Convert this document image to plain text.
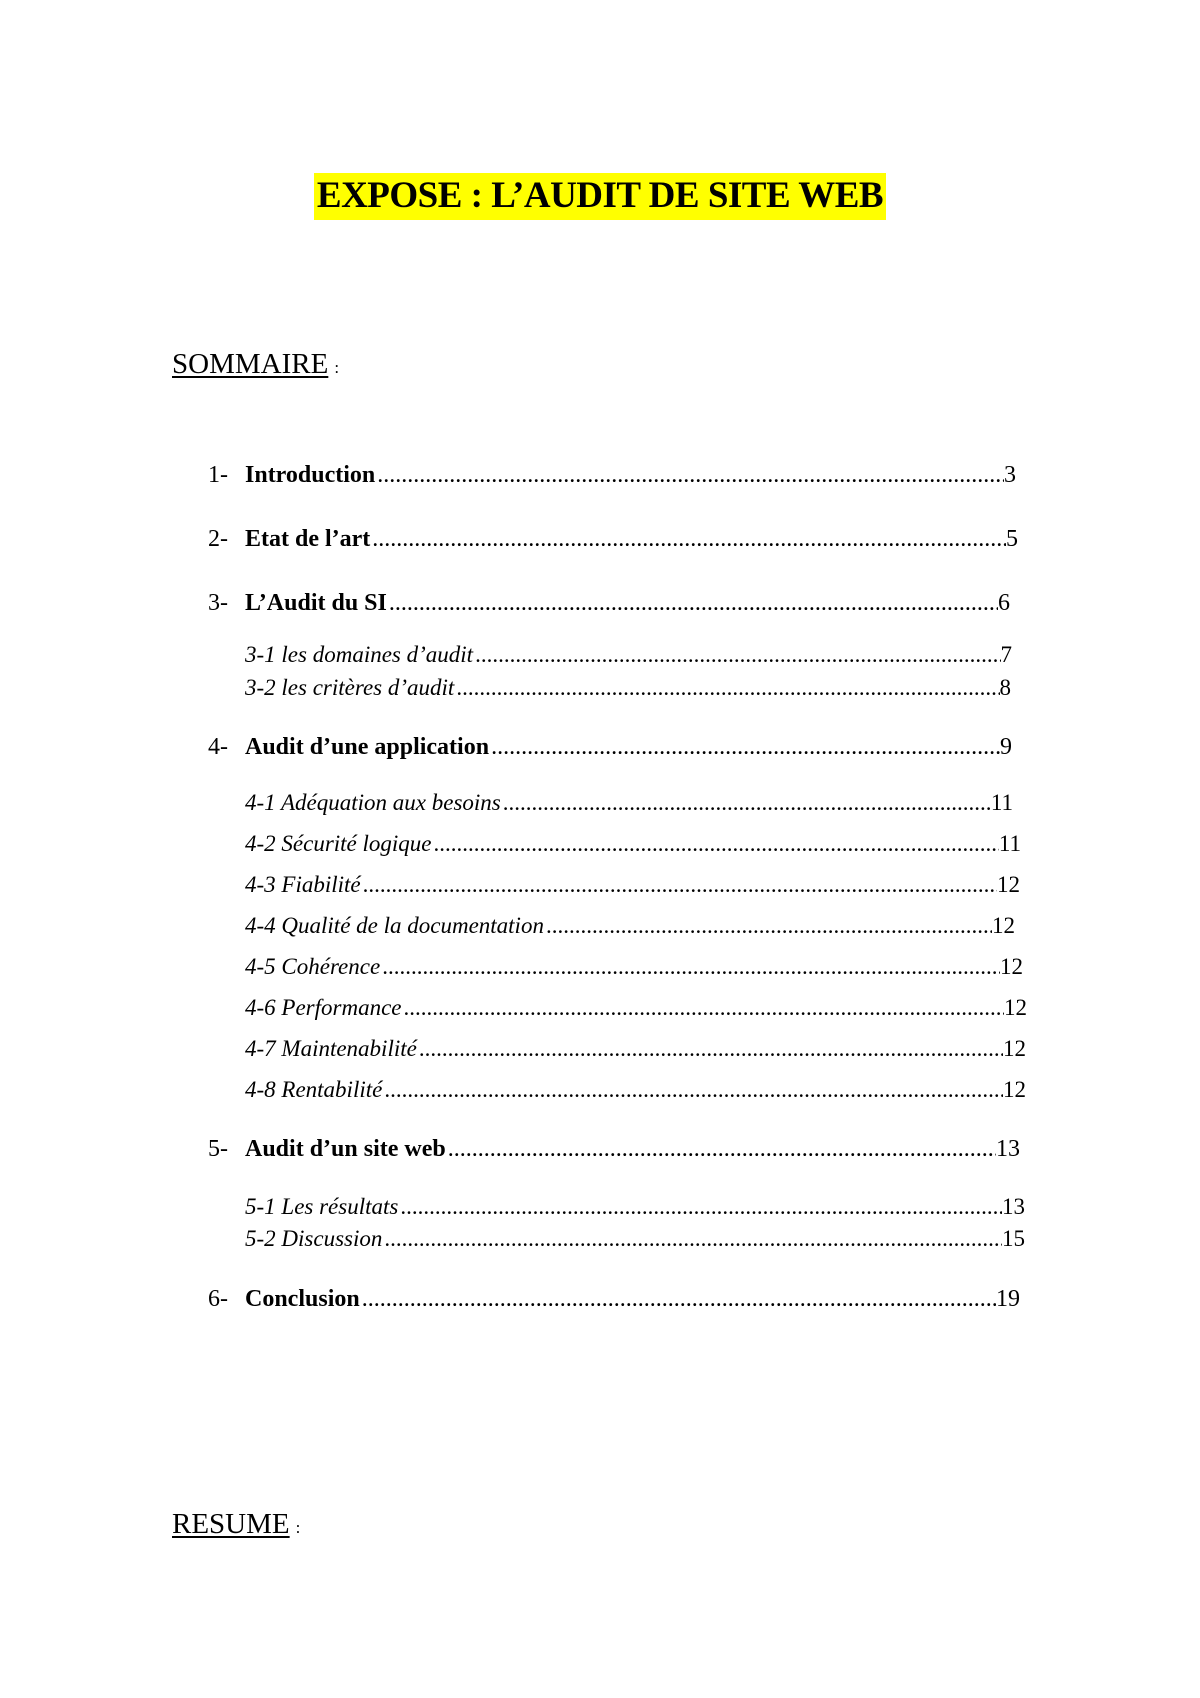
EXPOSE : L’AUDIT DE SITE WEB
SOMMAIRE :
1- Introduction .....	3
2- Etat de l’art .....	5
3- L’Audit du SI .....	6
3-1 les domaines d’audit .....	7
3-2 les critères d’audit .....	8
4- Audit d’une application .....	9
4-1 Adéquation aux besoins .....	11
4-2 Sécurité logique .....	11
4-3 Fiabilité .....	12
4-4 Qualité de la documentation .....	12
4-5 Cohérence .....	12
4-6 Performance .....	12
4-7 Maintenabilité .....	12
4-8 Rentabilité .....	12
5- Audit d’un site web .....	13
5-1 Les résultats .....	13
5-2 Discussion .....	15
6- Conclusion .....	19
RESUME :
